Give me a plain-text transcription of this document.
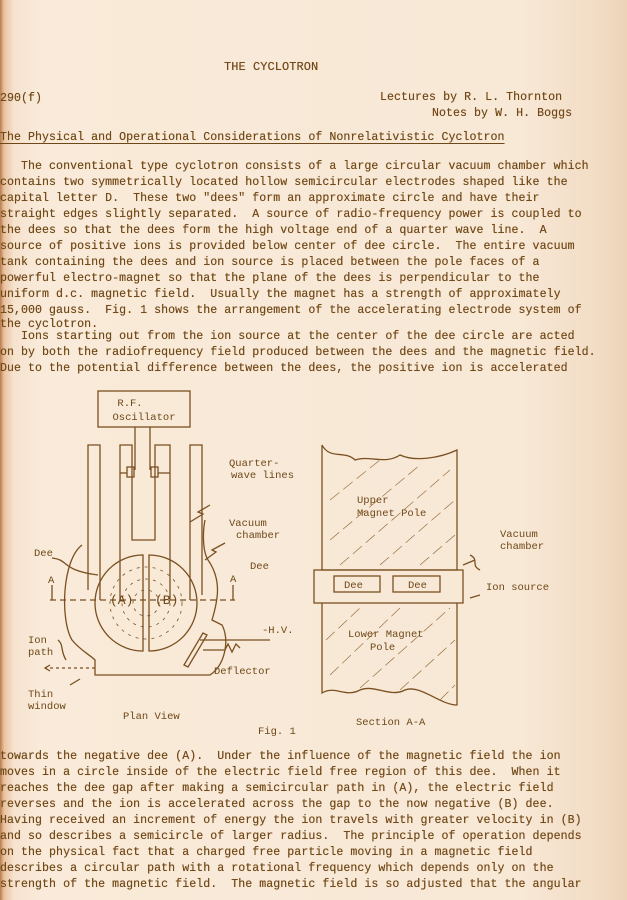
THE CYCLOTRON
290(f)	Lectures by R. L. Thornton
Notes by W. H. Boggs
The Physical and Operational Considerations of Nonrelativistic Cyclotron
The conventional type cyclotron consists of a large circular vacuum chamber which
contains two symmetrically located hollow semicircular electrodes shaped like the
capital letter D.  These two "dees" form an approximate circle and have their
straight edges slightly separated.  A source of radio-frequency power is coupled to
the dees so that the dees form the high voltage end of a quarter wave line.  A
source of positive ions is provided below center of dee circle.  The entire vacuum
tank containing the dees and ion source is placed between the pole faces of a
powerful electro-magnet so that the plane of the dees is perpendicular to the
uniform d.c. magnetic field.  Usually the magnet has a strength of approximately
15,000 gauss.  Fig. 1 shows the arrangement of the accelerating electrode system of
the cyclotron.
Ions starting out from the ion source at the center of the dee circle are acted
on by both the radiofrequency field produced between the dees and the magnetic field.
Due to the potential difference between the dees, the positive ion is accelerated
R.F.
Oscillator
Quarter-
wave lines
Vacuum
chamber
Dee
Dee
A	A
(A) (B)
-H.V.
Ion
path
Deflector
Thin
window
Plan View
Fig. 1
Upper
Magnet Pole
Lower Magnet
Pole
Vacuum
chamber
Dee	Dee	Ion source
Section A-A
towards the negative dee (A).  Under the influence of the magnetic field the ion
moves in a circle inside of the electric field free region of this dee.  When it
reaches the dee gap after making a semicircular path in (A), the electric field
reverses and the ion is accelerated across the gap to the now negative (B) dee.
Having received an increment of energy the ion travels with greater velocity in (B)
and so describes a semicircle of larger radius.  The principle of operation depends
on the physical fact that a charged free particle moving in a magnetic field
describes a circular path with a rotational frequency which depends only on the
strength of the magnetic field.  The magnetic field is so adjusted that the angular
